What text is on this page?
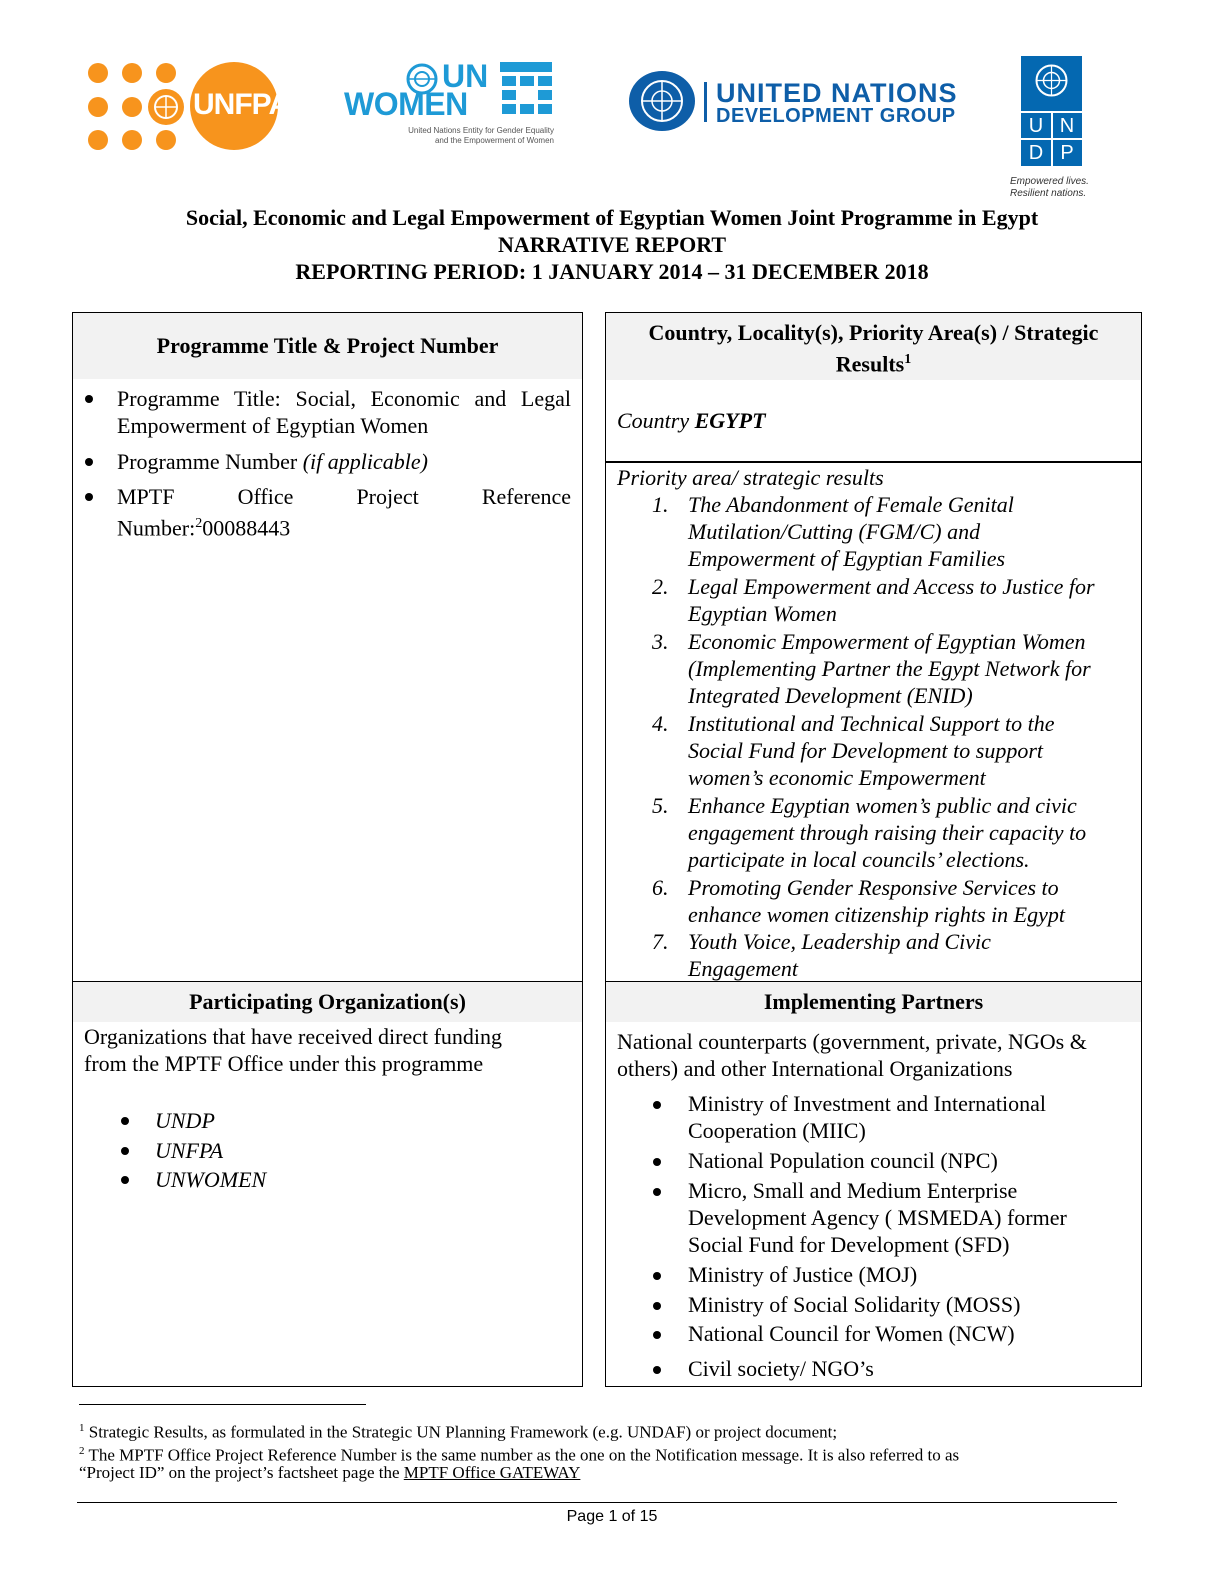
UNFPA
UN
WOMEN
United Nations Entity for Gender Equality
and the Empowerment of Women
UNITED NATIONS
DEVELOPMENT GROUP	U N
D P
Empowered lives.
Resilient nations.
Social, Economic and Legal Empowerment of Egyptian Women Joint Programme in Egypt
NARRATIVE REPORT
REPORTING PERIOD: 1 JANUARY 2014 – 31 DECEMBER 2018
Programme Title & Project Number
Programme Title: Social, Economic and Legal
Empowerment of Egyptian Women
Programme Number (if applicable)
MPTF	Office	Project	Reference
Number:$^2$00088443
Country, Locality(s), Priority Area(s) / Strategic
Results$^1$
Country EGYPT
Priority area/ strategic results
1. The Abandonment of Female Genital
Mutilation/Cutting (FGM/C) and
Empowerment of Egyptian Families
2. Legal Empowerment and Access to Justice for
Egyptian Women
3. Economic Empowerment of Egyptian Women
(Implementing Partner the Egypt Network for
Integrated Development (ENID)
4. Institutional and Technical Support to the
Social Fund for Development to support
women’s economic Empowerment
5. Enhance Egyptian women’s public and civic
engagement through raising their capacity to
participate in local councils’ elections.
6. Promoting Gender Responsive Services to
enhance women citizenship rights in Egypt
7. Youth Voice, Leadership and Civic
Engagement
Participating Organization(s)
Organizations that have received direct funding
from the MPTF Office under this programme
UNDP
UNFPA
UNWOMEN
Implementing Partners
National counterparts (government, private, NGOs &
others) and other International Organizations
Ministry of Investment and International
Cooperation (MIIC)
National Population council (NPC)
Micro, Small and Medium Enterprise
Development Agency ( MSMEDA) former
Social Fund for Development (SFD)
Ministry of Justice (MOJ)
Ministry of Social Solidarity (MOSS)
National Council for Women (NCW)
Civil society/ NGO’s
$^1$ Strategic Results, as formulated in the Strategic UN Planning Framework (e.g. UNDAF) or project document;
$^2$ The MPTF Office Project Reference Number is the same number as the one on the Notification message. It is also referred to as
“Project ID” on the project’s factsheet page the MPTF Office GATEWAY
Page 1 of 15
